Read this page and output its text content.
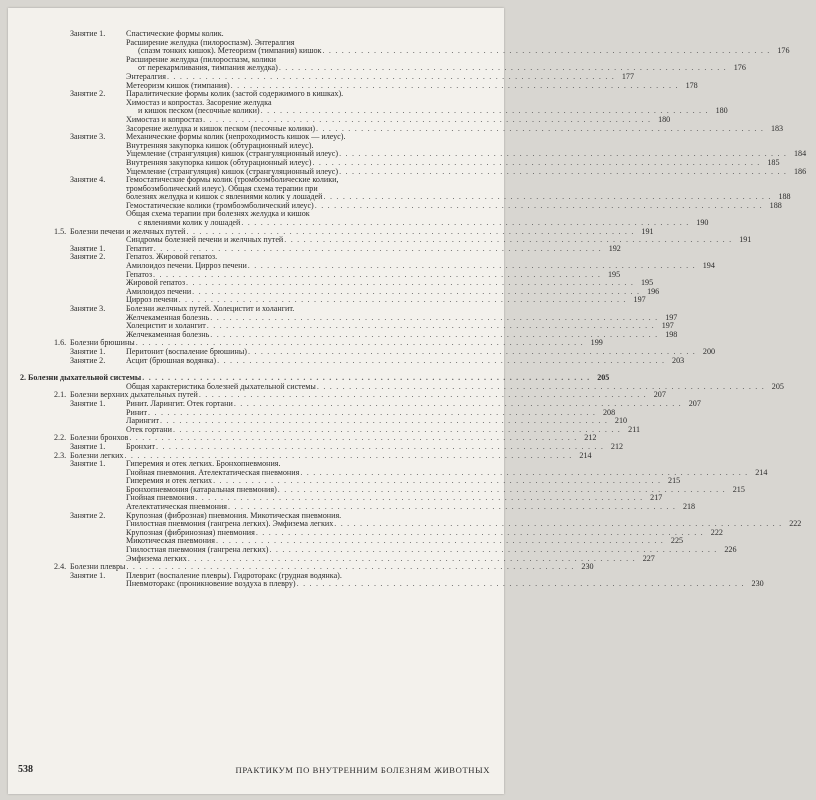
Занятие 1.	Спастические формы колик.
Расширение желудка (пилороспазм). Энтералгия
(спазм тонких кишок). Метеоризм (тимпания) кишок . . . . . . . . . . . . . . . . . . . . . . . . . . . . . . . . . . . . . . . . . . . . . . . . . . . . . . . . . . . . . . . . . . . . . . 176
Расширение желудка (пилороспазм, колики
от перекармливания, тимпания желудка) . . . . . . . . . . . . . . . . . . . . . . . . . . . . . . . . . . . . . . . . . . . . . . . . . . . . . . . . . . . . . . . . . . . . . . 176
Энтералгия . . . . . . . . . . . . . . . . . . . . . . . . . . . . . . . . . . . . . . . . . . . . . . . . . . . . . . . . . . . . . . . . . . . . . . 177
Метеоризм кишок (тимпания) . . . . . . . . . . . . . . . . . . . . . . . . . . . . . . . . . . . . . . . . . . . . . . . . . . . . . . . . . . . . . . . . . . . . . . 178
Занятие 2.	Паралитические формы колик (застой содержимого в кишках).
Химостаз и копростаз. Засорение желудка
и кишок песком (песочные колики) . . . . . . . . . . . . . . . . . . . . . . . . . . . . . . . . . . . . . . . . . . . . . . . . . . . . . . . . . . . . . . . . . . . . . . 180
Химостаз и копростаз . . . . . . . . . . . . . . . . . . . . . . . . . . . . . . . . . . . . . . . . . . . . . . . . . . . . . . . . . . . . . . . . . . . . . . 180
Засорение желудка и кишок песком (песочные колики) . . . . . . . . . . . . . . . . . . . . . . . . . . . . . . . . . . . . . . . . . . . . . . . . . . . . . . . . . . . . . . . . . . . . . . 183
Занятие 3.	Механические формы колик (непроходимость кишок — илеус).
Внутренняя закупорка кишок (обтурационный илеус).
Ущемление (странгуляция) кишок (странгуляционный илеус) . . . . . . . . . . . . . . . . . . . . . . . . . . . . . . . . . . . . . . . . . . . . . . . . . . . . . . . . . . . . . . . . . . . . . . 184
Внутренняя закупорка кишок (обтурационный илеус) . . . . . . . . . . . . . . . . . . . . . . . . . . . . . . . . . . . . . . . . . . . . . . . . . . . . . . . . . . . . . . . . . . . . . . 185
Ущемление (странгуляция) кишок (странгуляционный илеус) . . . . . . . . . . . . . . . . . . . . . . . . . . . . . . . . . . . . . . . . . . . . . . . . . . . . . . . . . . . . . . . . . . . . . . 186
Занятие 4.	Гемостатические формы колик (тромбоэмболические колики,
тромбоэмболический илеус). Общая схема терапии при
болезнях желудка и кишок с явлениями колик у лошадей . . . . . . . . . . . . . . . . . . . . . . . . . . . . . . . . . . . . . . . . . . . . . . . . . . . . . . . . . . . . . . . . . . . . . . 188
Гемостатические колики (тромбоэмболический илеус) . . . . . . . . . . . . . . . . . . . . . . . . . . . . . . . . . . . . . . . . . . . . . . . . . . . . . . . . . . . . . . . . . . . . . . 188
Общая схема терапии при болезнях желудка и кишок
с явлениями колик у лошадей . . . . . . . . . . . . . . . . . . . . . . . . . . . . . . . . . . . . . . . . . . . . . . . . . . . . . . . . . . . . . . . . . . . . . . 190
1.5. Болезни печени и желчных путей . . . . . . . . . . . . . . . . . . . . . . . . . . . . . . . . . . . . . . . . . . . . . . . . . . . . . . . . . . . . . . . . . . . . . . 191
Синдромы болезней печени и желчных путей . . . . . . . . . . . . . . . . . . . . . . . . . . . . . . . . . . . . . . . . . . . . . . . . . . . . . . . . . . . . . . . . . . . . . . 191
Занятие 1.	Гепатит . . . . . . . . . . . . . . . . . . . . . . . . . . . . . . . . . . . . . . . . . . . . . . . . . . . . . . . . . . . . . . . . . . . . . . 192
Занятие 2.	Гепатоз. Жировой гепатоз.
Амилоидоз печени. Цирроз печени . . . . . . . . . . . . . . . . . . . . . . . . . . . . . . . . . . . . . . . . . . . . . . . . . . . . . . . . . . . . . . . . . . . . . . 194
Гепатоз . . . . . . . . . . . . . . . . . . . . . . . . . . . . . . . . . . . . . . . . . . . . . . . . . . . . . . . . . . . . . . . . . . . . . . 195
Жировой гепатоз . . . . . . . . . . . . . . . . . . . . . . . . . . . . . . . . . . . . . . . . . . . . . . . . . . . . . . . . . . . . . . . . . . . . . . 195
Амилоидоз печени . . . . . . . . . . . . . . . . . . . . . . . . . . . . . . . . . . . . . . . . . . . . . . . . . . . . . . . . . . . . . . . . . . . . . . 196
Цирроз печени . . . . . . . . . . . . . . . . . . . . . . . . . . . . . . . . . . . . . . . . . . . . . . . . . . . . . . . . . . . . . . . . . . . . . . 197
Занятие 3.	Болезни желчных путей. Холецистит и холангит.
Желчекаменная болезнь . . . . . . . . . . . . . . . . . . . . . . . . . . . . . . . . . . . . . . . . . . . . . . . . . . . . . . . . . . . . . . . . . . . . . . 197
Холецистит и холангит . . . . . . . . . . . . . . . . . . . . . . . . . . . . . . . . . . . . . . . . . . . . . . . . . . . . . . . . . . . . . . . . . . . . . . 197
Желчекаменная болезнь . . . . . . . . . . . . . . . . . . . . . . . . . . . . . . . . . . . . . . . . . . . . . . . . . . . . . . . . . . . . . . . . . . . . . . 198
1.6. Болезни брюшины . . . . . . . . . . . . . . . . . . . . . . . . . . . . . . . . . . . . . . . . . . . . . . . . . . . . . . . . . . . . . . . . . . . . . . 199
Занятие 1.	Перитонит (воспаление брюшины) . . . . . . . . . . . . . . . . . . . . . . . . . . . . . . . . . . . . . . . . . . . . . . . . . . . . . . . . . . . . . . . . . . . . . . 200
Занятие 2.	Асцит (брюшная водянка) . . . . . . . . . . . . . . . . . . . . . . . . . . . . . . . . . . . . . . . . . . . . . . . . . . . . . . . . . . . . . . . . . . . . . . 203
2. Болезни дыхательной системы . . . . . . . . . . . . . . . . . . . . . . . . . . . . . . . . . . . . . . . . . . . . . . . . . . . . . . . . . . . . . . . . . . . . . . 205
Общая характеристика болезней дыхательной системы . . . . . . . . . . . . . . . . . . . . . . . . . . . . . . . . . . . . . . . . . . . . . . . . . . . . . . . . . . . . . . . . . . . . . . 205
2.1. Болезни верхних дыхательных путей . . . . . . . . . . . . . . . . . . . . . . . . . . . . . . . . . . . . . . . . . . . . . . . . . . . . . . . . . . . . . . . . . . . . . . 207
Занятие 1.	Ринит. Ларингит. Отек гортани . . . . . . . . . . . . . . . . . . . . . . . . . . . . . . . . . . . . . . . . . . . . . . . . . . . . . . . . . . . . . . . . . . . . . . 207
Ринит . . . . . . . . . . . . . . . . . . . . . . . . . . . . . . . . . . . . . . . . . . . . . . . . . . . . . . . . . . . . . . . . . . . . . . 208
Ларингит . . . . . . . . . . . . . . . . . . . . . . . . . . . . . . . . . . . . . . . . . . . . . . . . . . . . . . . . . . . . . . . . . . . . . . 210
Отек гортани . . . . . . . . . . . . . . . . . . . . . . . . . . . . . . . . . . . . . . . . . . . . . . . . . . . . . . . . . . . . . . . . . . . . . . 211
2.2. Болезни бронхов . . . . . . . . . . . . . . . . . . . . . . . . . . . . . . . . . . . . . . . . . . . . . . . . . . . . . . . . . . . . . . . . . . . . . . 212
Занятие 1.	Бронхит . . . . . . . . . . . . . . . . . . . . . . . . . . . . . . . . . . . . . . . . . . . . . . . . . . . . . . . . . . . . . . . . . . . . . . 212
2.3. Болезни легких . . . . . . . . . . . . . . . . . . . . . . . . . . . . . . . . . . . . . . . . . . . . . . . . . . . . . . . . . . . . . . . . . . . . . . 214
Занятие 1.	Гиперемия и отек легких. Бронхопневмония.
Гнойная пневмония. Ателектатическая пневмония . . . . . . . . . . . . . . . . . . . . . . . . . . . . . . . . . . . . . . . . . . . . . . . . . . . . . . . . . . . . . . . . . . . . . . 214
Гиперемия и отек легких . . . . . . . . . . . . . . . . . . . . . . . . . . . . . . . . . . . . . . . . . . . . . . . . . . . . . . . . . . . . . . . . . . . . . . 215
Бронхопневмония (катаральная пневмония) . . . . . . . . . . . . . . . . . . . . . . . . . . . . . . . . . . . . . . . . . . . . . . . . . . . . . . . . . . . . . . . . . . . . . . 215
Гнойная пневмония . . . . . . . . . . . . . . . . . . . . . . . . . . . . . . . . . . . . . . . . . . . . . . . . . . . . . . . . . . . . . . . . . . . . . . 217
Ателектатическая пневмония . . . . . . . . . . . . . . . . . . . . . . . . . . . . . . . . . . . . . . . . . . . . . . . . . . . . . . . . . . . . . . . . . . . . . . 218
Занятие 2.	Крупозная (фиброзная) пневмония. Микотическая пневмония.
Гнилостная пневмония (гангрена легких). Эмфизема легких . . . . . . . . . . . . . . . . . . . . . . . . . . . . . . . . . . . . . . . . . . . . . . . . . . . . . . . . . . . . . . . . . . . . . . 222
Крупозная (фибринозная) пневмония . . . . . . . . . . . . . . . . . . . . . . . . . . . . . . . . . . . . . . . . . . . . . . . . . . . . . . . . . . . . . . . . . . . . . . 222
Микотическая пневмония . . . . . . . . . . . . . . . . . . . . . . . . . . . . . . . . . . . . . . . . . . . . . . . . . . . . . . . . . . . . . . . . . . . . . . 225
Гнилостная пневмония (гангрена легких) . . . . . . . . . . . . . . . . . . . . . . . . . . . . . . . . . . . . . . . . . . . . . . . . . . . . . . . . . . . . . . . . . . . . . . 226
Эмфизема легких . . . . . . . . . . . . . . . . . . . . . . . . . . . . . . . . . . . . . . . . . . . . . . . . . . . . . . . . . . . . . . . . . . . . . . 227
2.4. Болезни плевры . . . . . . . . . . . . . . . . . . . . . . . . . . . . . . . . . . . . . . . . . . . . . . . . . . . . . . . . . . . . . . . . . . . . . . 230
Занятие 1.	Плеврит (воспаление плевры). Гидроторакс (грудная водянка).
Пневмоторакс (проникновение воздуха в плевру) . . . . . . . . . . . . . . . . . . . . . . . . . . . . . . . . . . . . . . . . . . . . . . . . . . . . . . . . . . . . . . . . . . . . . . 230
538	ПРАКТИКУМ ПО ВНУТРЕННИМ БОЛЕЗНЯМ ЖИВОТНЫХ
